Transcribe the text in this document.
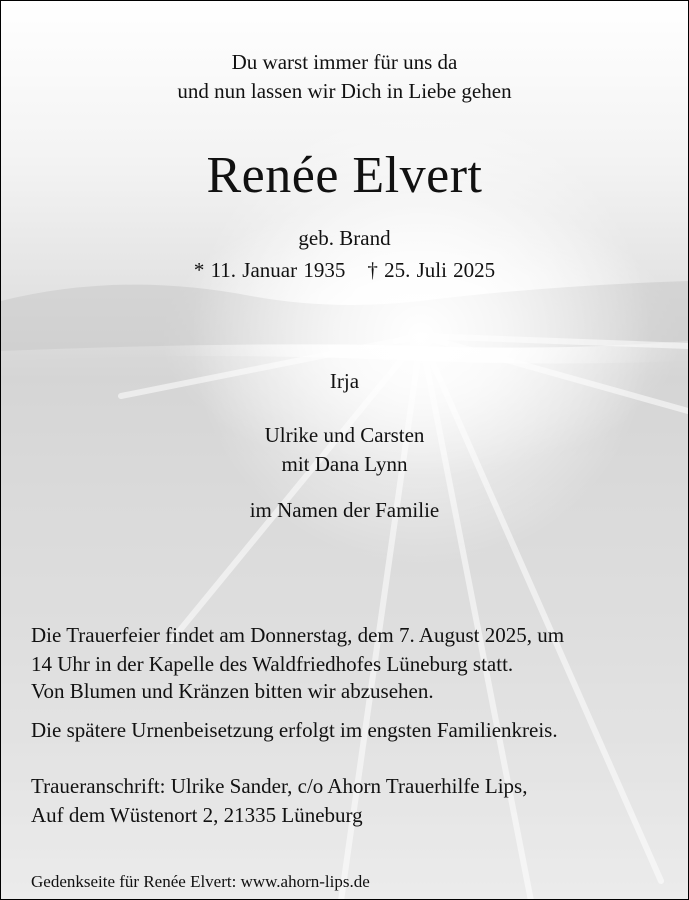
Du warst immer für uns da

und nun lassen wir Dich in Liebe gehen

Renée Elvert

geb. Brand

* 11. Januar 1935 † 25. Juli 2025

Irja

Ulrike und Carsten

mit Dana Lynn

im Namen der Familie

Die Trauerfeier findet am Donnerstag, dem 7. August 2025, um

14 Uhr in der Kapelle des Waldfriedhofes Lüneburg statt.

Von Blumen und Kränzen bitten wir abzusehen.

Die spätere Urnenbeisetzung erfolgt im engsten Familienkreis.

Traueranschrift: Ulrike Sander, c/o Ahorn Trauerhilfe Lips,

Auf dem Wüstenort 2, 21335 Lüneburg

Gedenkseite für Renée Elvert: www.ahorn-lips.de
